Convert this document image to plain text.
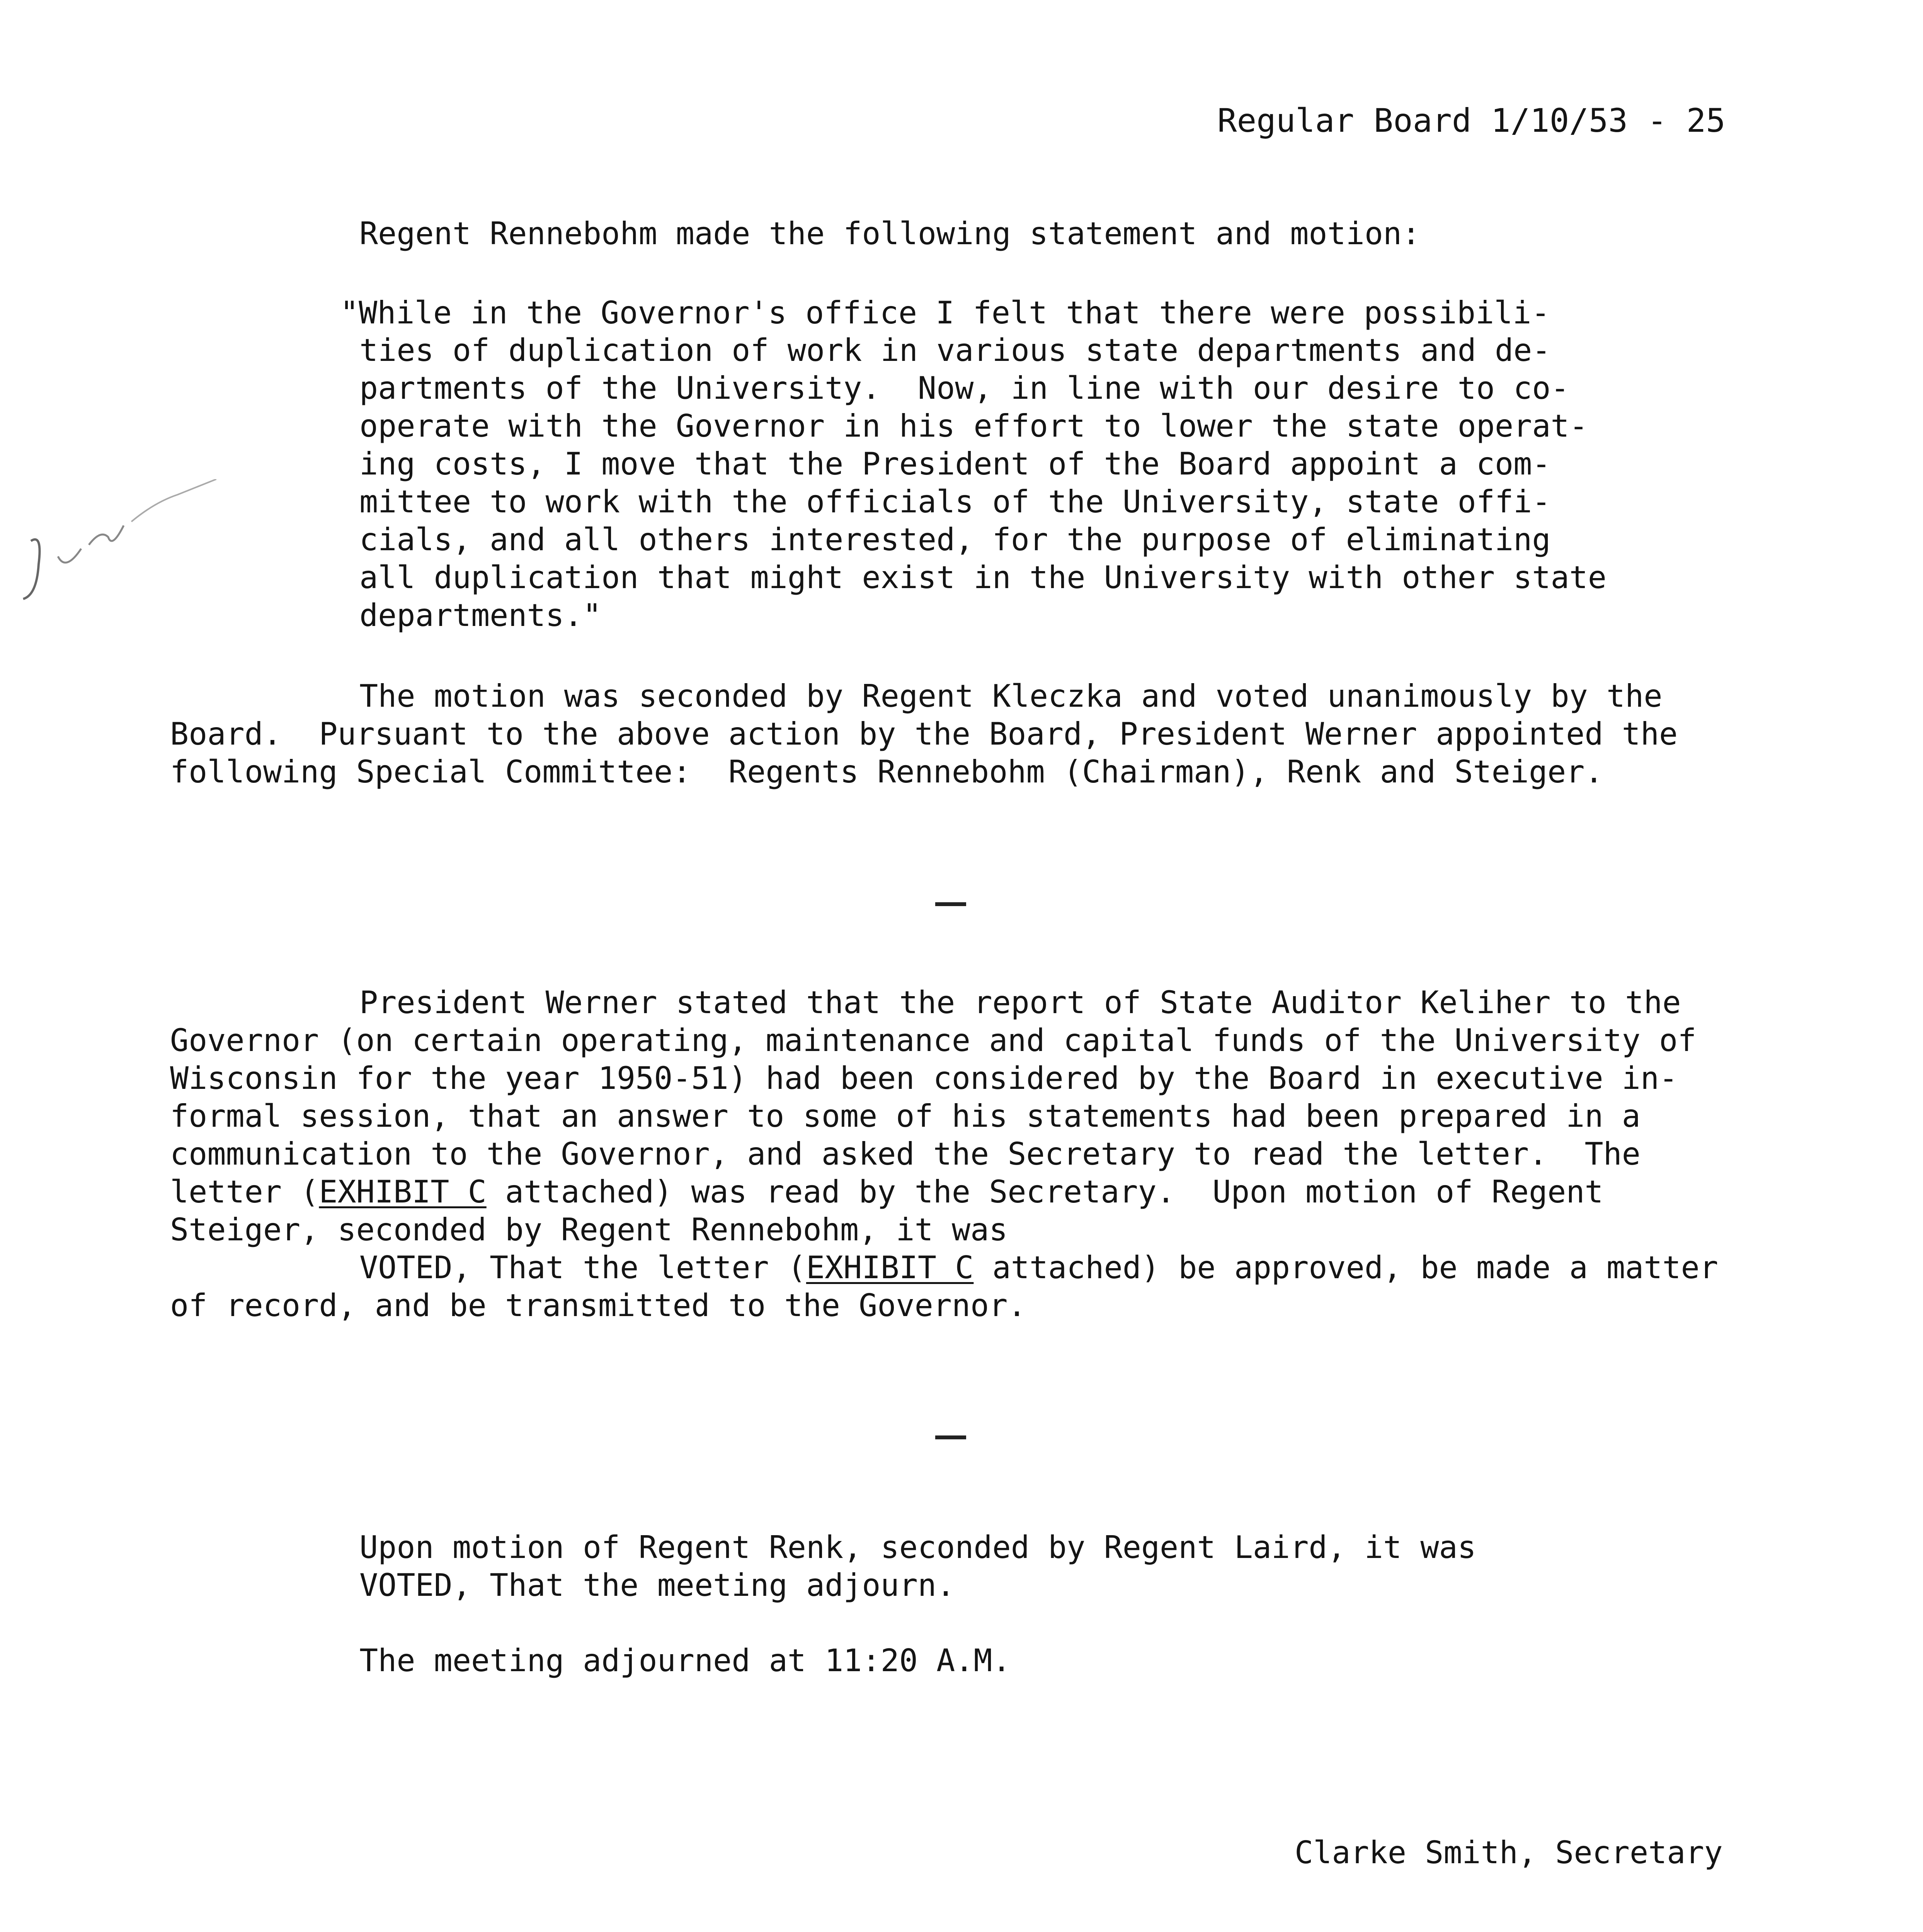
Regular Board 1/10/53 - 25
Regent Rennebohm made the following statement and motion:
"While in the Governor's office I felt that there were possibili-
ties of duplication of work in various state departments and de-
partments of the University.  Now, in line with our desire to co-
operate with the Governor in his effort to lower the state operat-
ing costs, I move that the President of the Board appoint a com-
mittee to work with the officials of the University, state offi-
cials, and all others interested, for the purpose of eliminating
all duplication that might exist in the University with other state
departments."
The motion was seconded by Regent Kleczka and voted unanimously by the
Board.  Pursuant to the above action by the Board, President Werner appointed the
following Special Committee:  Regents Rennebohm (Chairman), Renk and Steiger.
President Werner stated that the report of State Auditor Keliher to the
Governor (on certain operating, maintenance and capital funds of the University of
Wisconsin for the year 1950-51) had been considered by the Board in executive in-
formal session, that an answer to some of his statements had been prepared in a
communication to the Governor, and asked the Secretary to read the letter.  The
letter (EXHIBIT C attached) was read by the Secretary.  Upon motion of Regent
Steiger, seconded by Regent Rennebohm, it was
VOTED, That the letter (EXHIBIT C attached) be approved, be made a matter
of record, and be transmitted to the Governor.
Upon motion of Regent Renk, seconded by Regent Laird, it was
VOTED, That the meeting adjourn.
The meeting adjourned at 11:20 A.M.
Clarke Smith, Secretary
